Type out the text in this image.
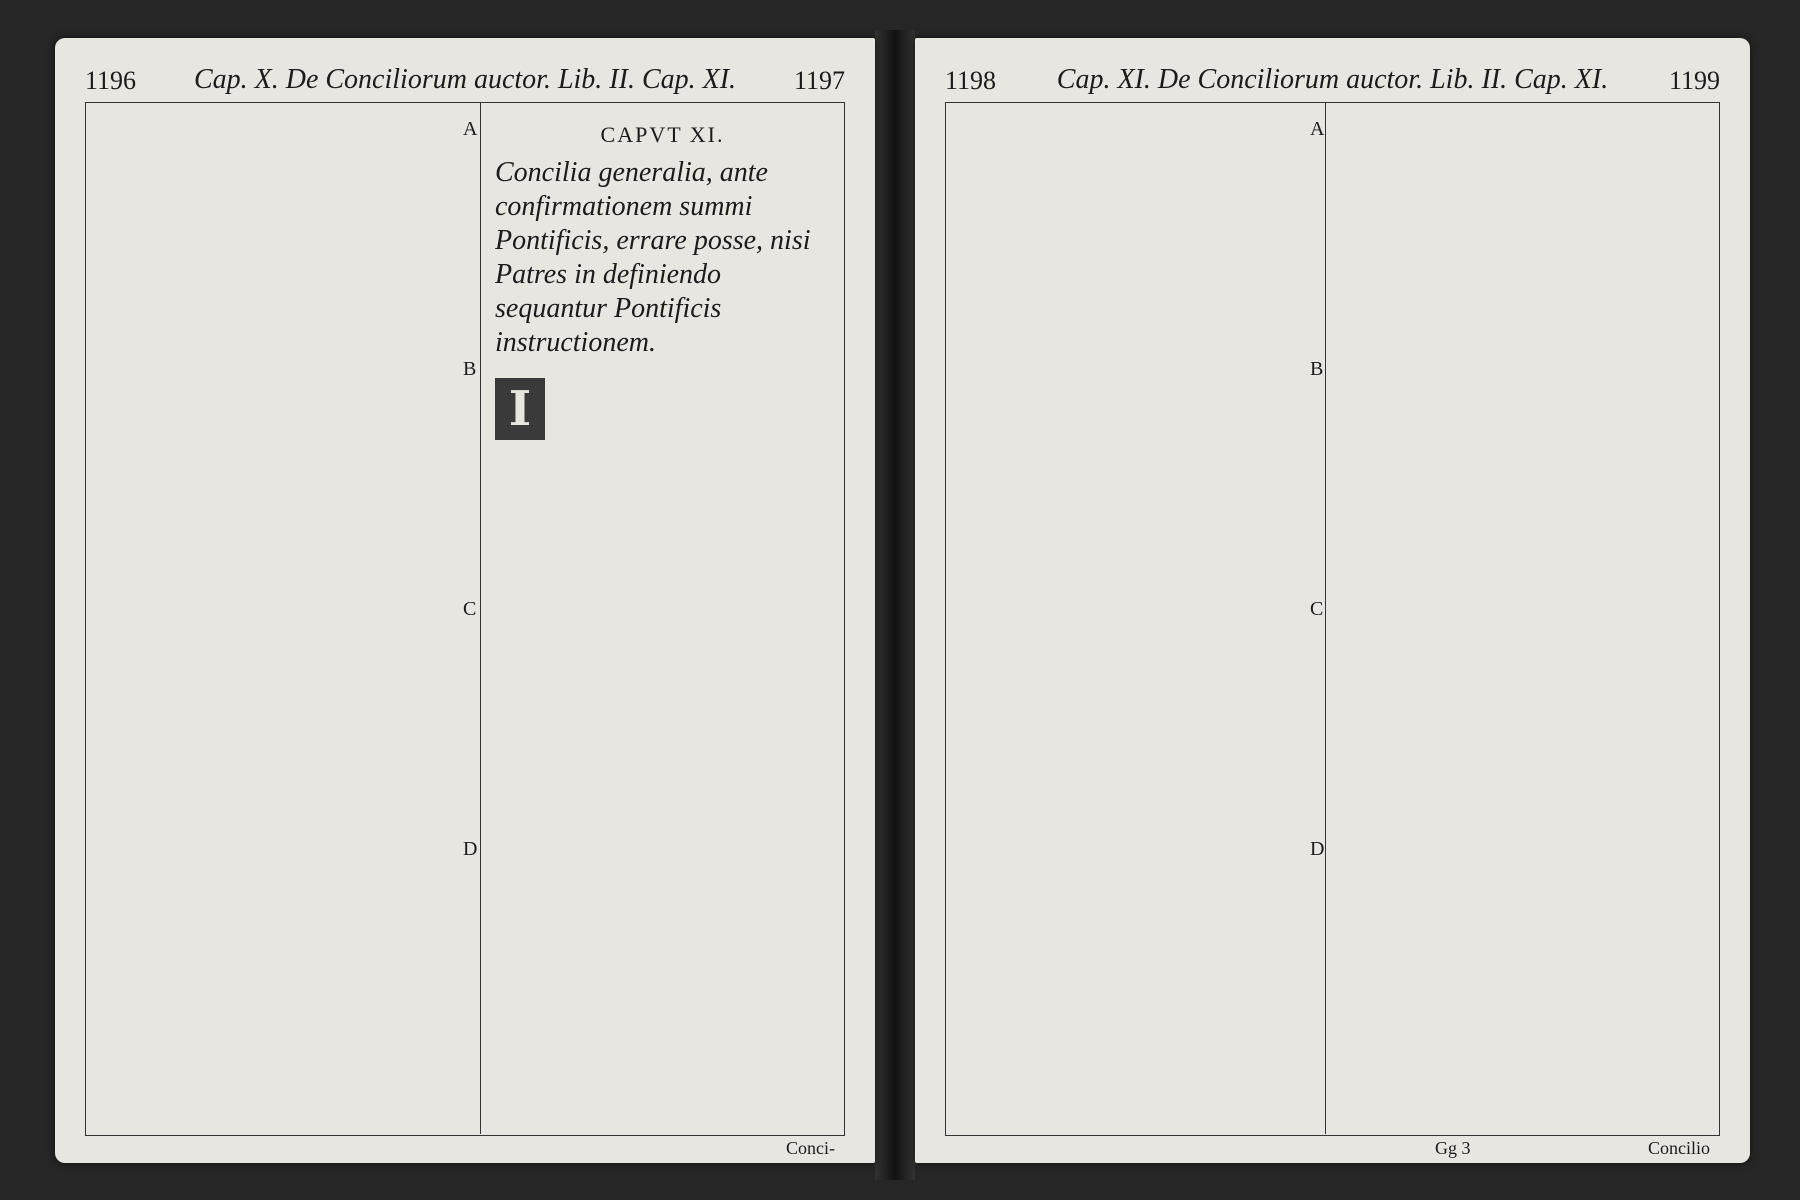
1196	Cap. X. De Conciliorum auctor. Lib. II. Cap. XI.	1197
A
B
C
D
CAPVT XI.
Concilia generalia, ante confirmationem summi Pontificis, errare posse, nisi Patres in definiendo sequantur Pontificis instructionem.
I
Conci-
1198	Cap. XI. De Conciliorum auctor. Lib. II. Cap. XI.	1199
A
B
C
D
Gg 3	Concilio
